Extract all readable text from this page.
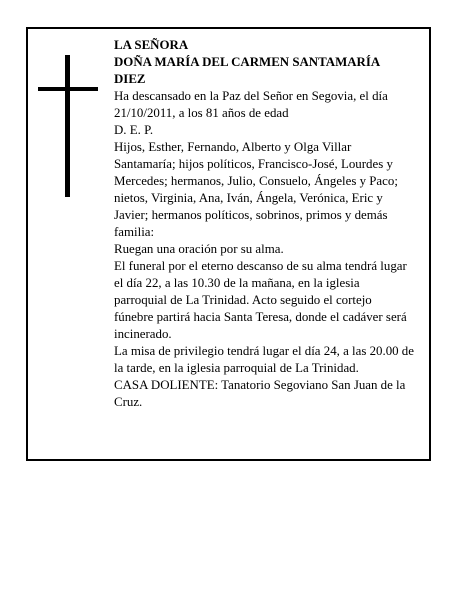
LA SEÑORA
DOÑA MARÍA DEL CARMEN SANTAMARÍA DIEZ

Ha descansado en la Paz del Señor en Segovia, el día 21/10/2011, a los 81 años de edad

D. E. P.

Hijos, Esther, Fernando, Alberto y Olga Villar Santamaría; hijos políticos, Francisco-José, Lourdes y Mercedes; hermanos, Julio, Consuelo, Ángeles y Paco; nietos, Virginia, Ana, Iván, Ángela, Verónica, Eric y Javier; hermanos políticos, sobrinos, primos y demás familia:

Ruegan una oración por su alma.

El funeral por el eterno descanso de su alma tendrá lugar el día 22, a las 10.30 de la mañana, en la iglesia parroquial de La Trinidad. Acto seguido el cortejo fúnebre partirá hacia Santa Teresa, donde el cadáver será incinerado.

La misa de privilegio tendrá lugar el día 24, a las 20.00 de la tarde, en la iglesia parroquial de La Trinidad.

CASA DOLIENTE: Tanatorio Segoviano San Juan de la Cruz.
